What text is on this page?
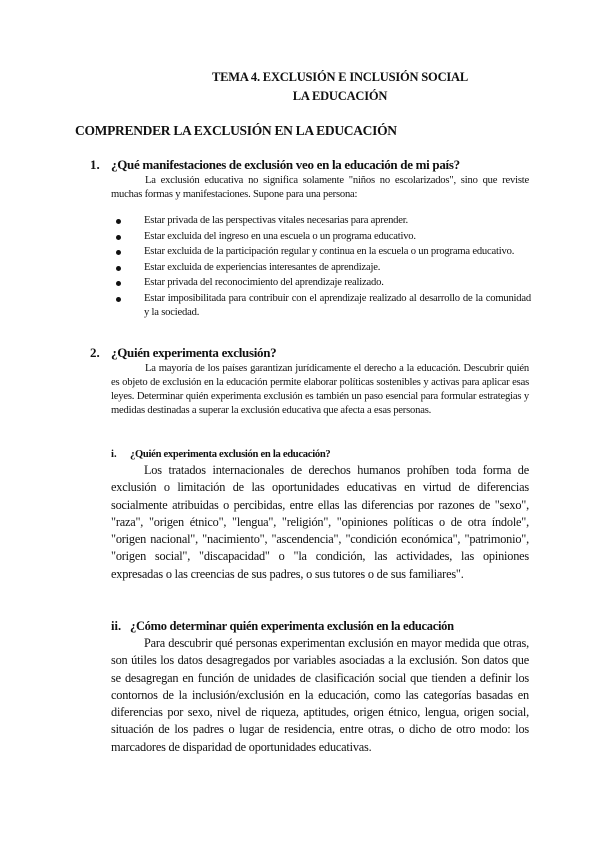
TEMA 4. EXCLUSIÓN E INCLUSIÓN SOCIAL
LA EDUCACIÓN
COMPRENDER LA EXCLUSIÓN EN LA EDUCACIÓN
1. ¿Qué manifestaciones de exclusión veo en la educación de mi país?
La exclusión educativa no significa solamente "niños no escolarizados", sino que reviste muchas formas y manifestaciones. Supone para una persona:
Estar privada de las perspectivas vitales necesarias para aprender.
Estar excluida del ingreso en una escuela o un programa educativo.
Estar excluida de la participación regular y continua en la escuela o un programa educativo.
Estar excluida de experiencias interesantes de aprendizaje.
Estar privada del reconocimiento del aprendizaje realizado.
Estar imposibilitada para contribuir con el aprendizaje realizado al desarrollo de la comunidad y la sociedad.
2. ¿Quién experimenta exclusión?
La mayoría de los países garantizan jurídicamente el derecho a la educación. Descubrir quién es objeto de exclusión en la educación permite elaborar políticas sostenibles y activas para aplicar esas leyes. Determinar quién experimenta exclusión es también un paso esencial para formular estrategias y medidas destinadas a superar la exclusión educativa que afecta a esas personas.
i. ¿Quién experimenta exclusión en la educación?
Los tratados internacionales de derechos humanos prohíben toda forma de exclusión o limitación de las oportunidades educativas en virtud de diferencias socialmente atribuidas o percibidas, entre ellas las diferencias por razones de "sexo", "raza", "origen étnico", "lengua", "religión", "opiniones políticas o de otra índole", "origen nacional", "nacimiento", "ascendencia", "condición económica", "patrimonio", "origen social", "discapacidad" o "la condición, las actividades, las opiniones expresadas o las creencias de sus padres, o sus tutores o de sus familiares".
ii. ¿Cómo determinar quién experimenta exclusión en la educación
Para descubrir qué personas experimentan exclusión en mayor medida que otras, son útiles los datos desagregados por variables asociadas a la exclusión. Son datos que se desagregan en función de unidades de clasificación social que tienden a definir los contornos de la inclusión/exclusión en la educación, como las categorías basadas en diferencias por sexo, nivel de riqueza, aptitudes, origen étnico, lengua, origen social, situación de los padres o lugar de residencia, entre otras, o dicho de otro modo: los marcadores de disparidad de oportunidades educativas.
